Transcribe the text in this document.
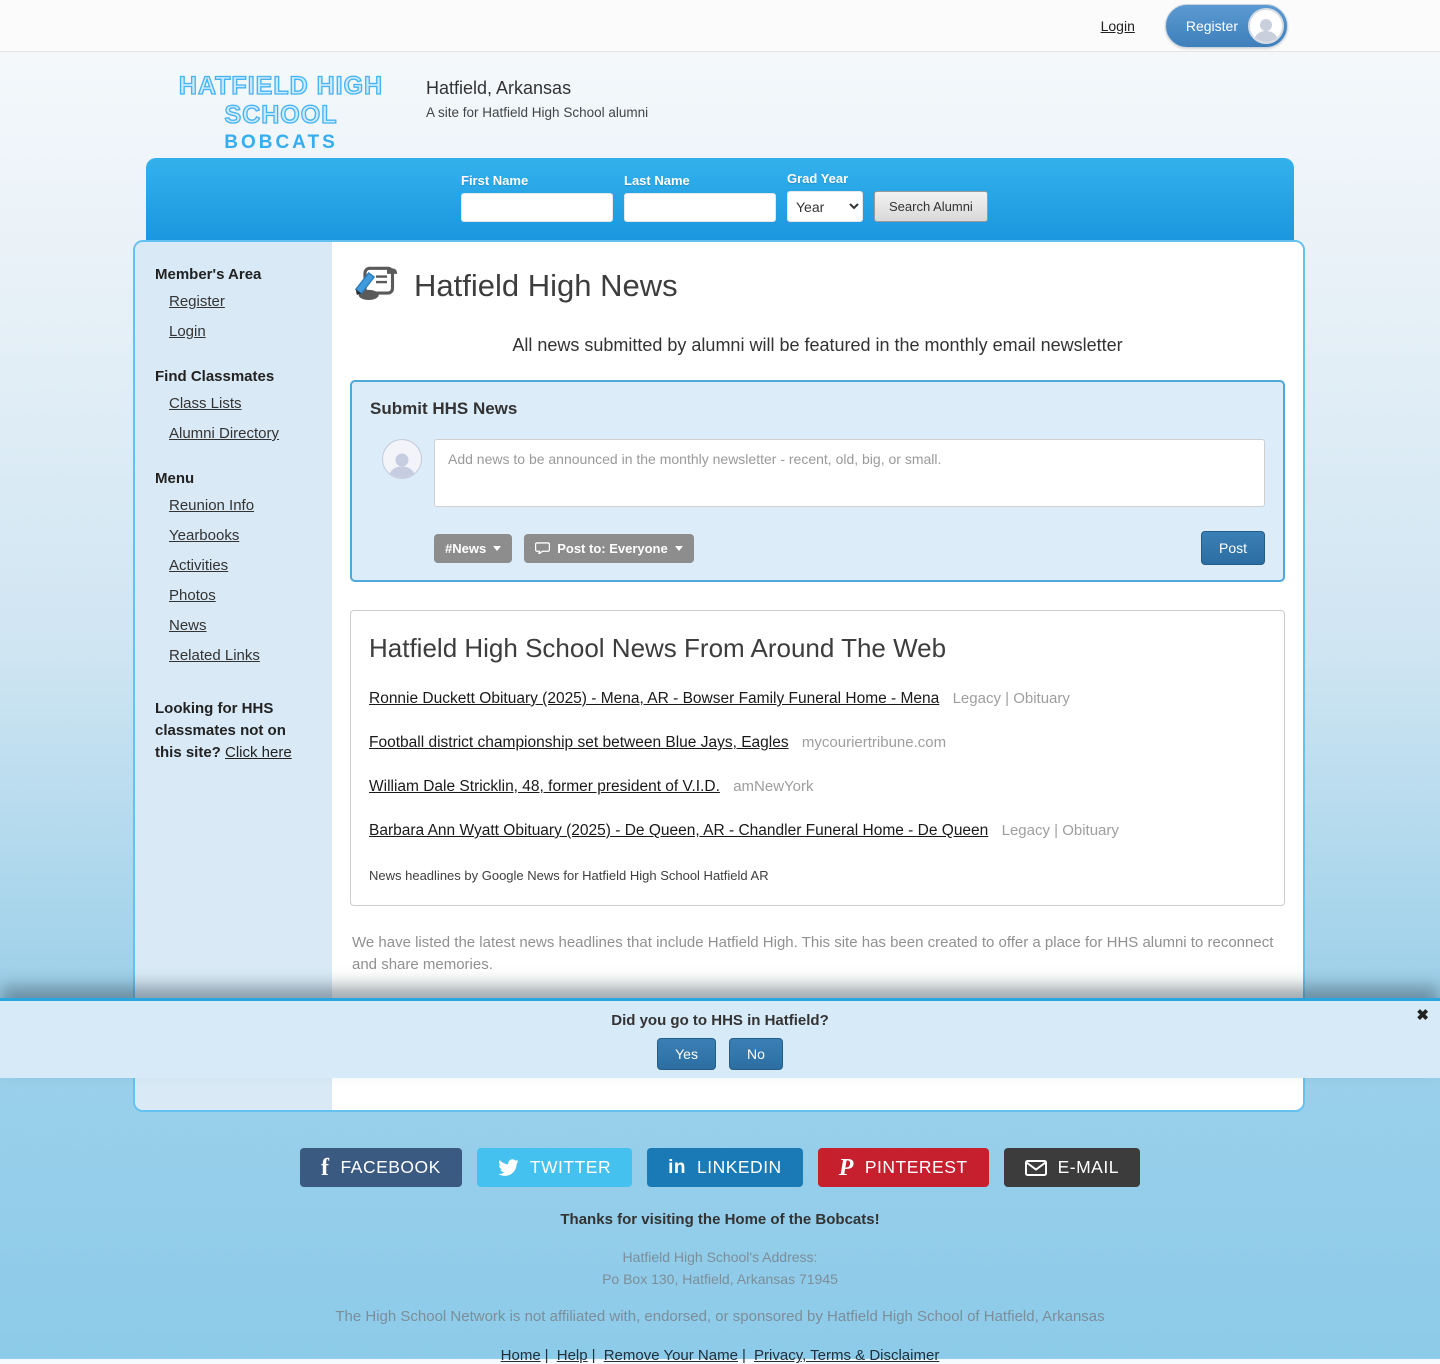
Login	Register
HATFIELD HIGH SCHOOL
BOBCATS
Hatfield, Arkansas
A site for Hatfield High School alumni
First Name	Last Name	Grad Year
Year
Search Alumni
Member's Area
Register
Login
Find Classmates
Class Lists
Alumni Directory
Menu
Reunion Info
Yearbooks
Activities
Photos
News
Related Links
Looking for HHS classmates not on this site? Click here
Hatfield High News
All news submitted by alumni will be featured in the monthly email newsletter
Submit HHS News
Add news to be announced in the monthly newsletter - recent, old, big, or small.
#News	Post to: Everyone	Post
Hatfield High School News From Around The Web
Ronnie Duckett Obituary (2025) - Mena, AR - Bowser Family Funeral Home - Mena Legacy | Obituary
Football district championship set between Blue Jays, Eagles mycouriertribune.com
William Dale Stricklin, 48, former president of V.I.D. amNewYork
Barbara Ann Wyatt Obituary (2025) - De Queen, AR - Chandler Funeral Home - De Queen Legacy | Obituary
News headlines by Google News for Hatfield High School Hatfield AR

We have listed the latest news headlines that include Hatfield High. This site has been created to offer a place for HHS alumni to reconnect and share memories.

f FACEBOOK	TWITTER	in LINKEDIN P PINTEREST	E-MAIL
Thanks for visiting the Home of the Bobcats!
Hatfield High School's Address:
Po Box 130, Hatfield, Arkansas 71945
The High School Network is not affiliated with, endorsed, or sponsored by Hatfield High School of Hatfield, Arkansas
Home | Help | Remove Your Name | Privacy, Terms & Disclaimer
Did you go to HHS in Hatfield?
Yes	No
✖
